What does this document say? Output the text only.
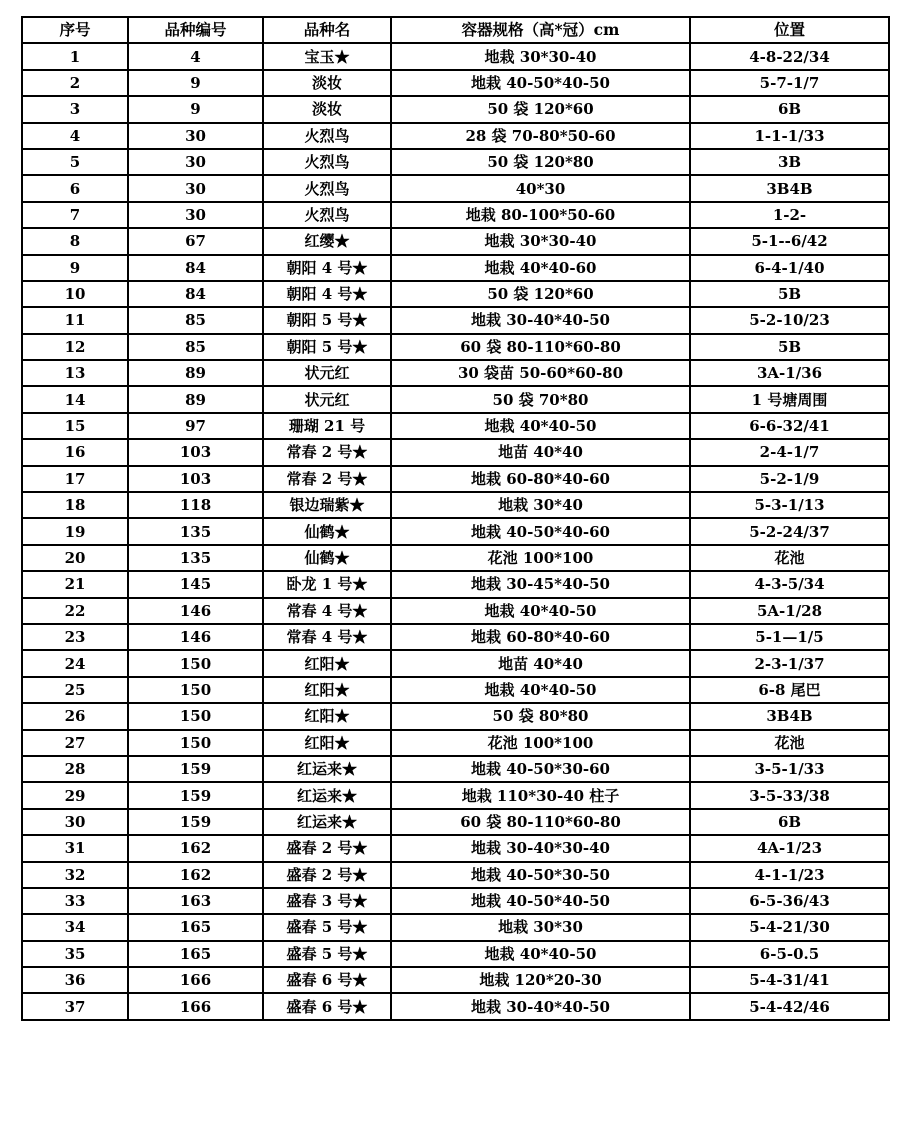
序号	品种编号	品种名	容器规格（高*冠）cm	位置
1	4	宝玉★	地栽 30*30-40	4-8-22/34
2	9	淡妆	地栽 40-50*40-50	5-7-1/7
3	9	淡妆	50 袋 120*60	6B
4	30	火烈鸟	28 袋 70-80*50-60	1-1-1/33
5	30	火烈鸟	50 袋 120*80	3B
6	30	火烈鸟	40*30	3B4B
7	30	火烈鸟	地栽 80-100*50-60	1-2-
8	67	红缨★	地栽 30*30-40	5-1--6/42
9	84	朝阳 4 号★	地栽 40*40-60	6-4-1/40
10	84	朝阳 4 号★	50 袋 120*60	5B
11	85	朝阳 5 号★	地栽 30-40*40-50	5-2-10/23
12	85	朝阳 5 号★	60 袋 80-110*60-80	5B
13	89	状元红	30 袋苗 50-60*60-80	3A-1/36
14	89	状元红	50 袋 70*80	1 号塘周围
15	97	珊瑚 21 号	地栽 40*40-50	6-6-32/41
16	103	常春 2 号★	地苗 40*40	2-4-1/7
17	103	常春 2 号★	地栽 60-80*40-60	5-2-1/9
18	118	银边瑞紫★	地栽 30*40	5-3-1/13
19	135	仙鹤★	地栽 40-50*40-60	5-2-24/37
20	135	仙鹤★	花池 100*100	花池
21	145	卧龙 1 号★	地栽 30-45*40-50	4-3-5/34
22	146	常春 4 号★	地栽 40*40-50	5A-1/28
23	146	常春 4 号★	地栽 60-80*40-60	5-1—1/5
24	150	红阳★	地苗 40*40	2-3-1/37
25	150	红阳★	地栽 40*40-50	6-8 尾巴
26	150	红阳★	50 袋 80*80	3B4B
27	150	红阳★	花池 100*100	花池
28	159	红运来★	地栽 40-50*30-60	3-5-1/33
29	159	红运来★	地栽 110*30-40 柱子	3-5-33/38
30	159	红运来★	60 袋 80-110*60-80	6B
31	162	盛春 2 号★	地栽 30-40*30-40	4A-1/23
32	162	盛春 2 号★	地栽 40-50*30-50	4-1-1/23
33	163	盛春 3 号★	地栽 40-50*40-50	6-5-36/43
34	165	盛春 5 号★	地栽 30*30	5-4-21/30
35	165	盛春 5 号★	地栽 40*40-50	6-5-0.5
36	166	盛春 6 号★	地栽 120*20-30	5-4-31/41
37	166	盛春 6 号★	地栽 30-40*40-50	5-4-42/46
